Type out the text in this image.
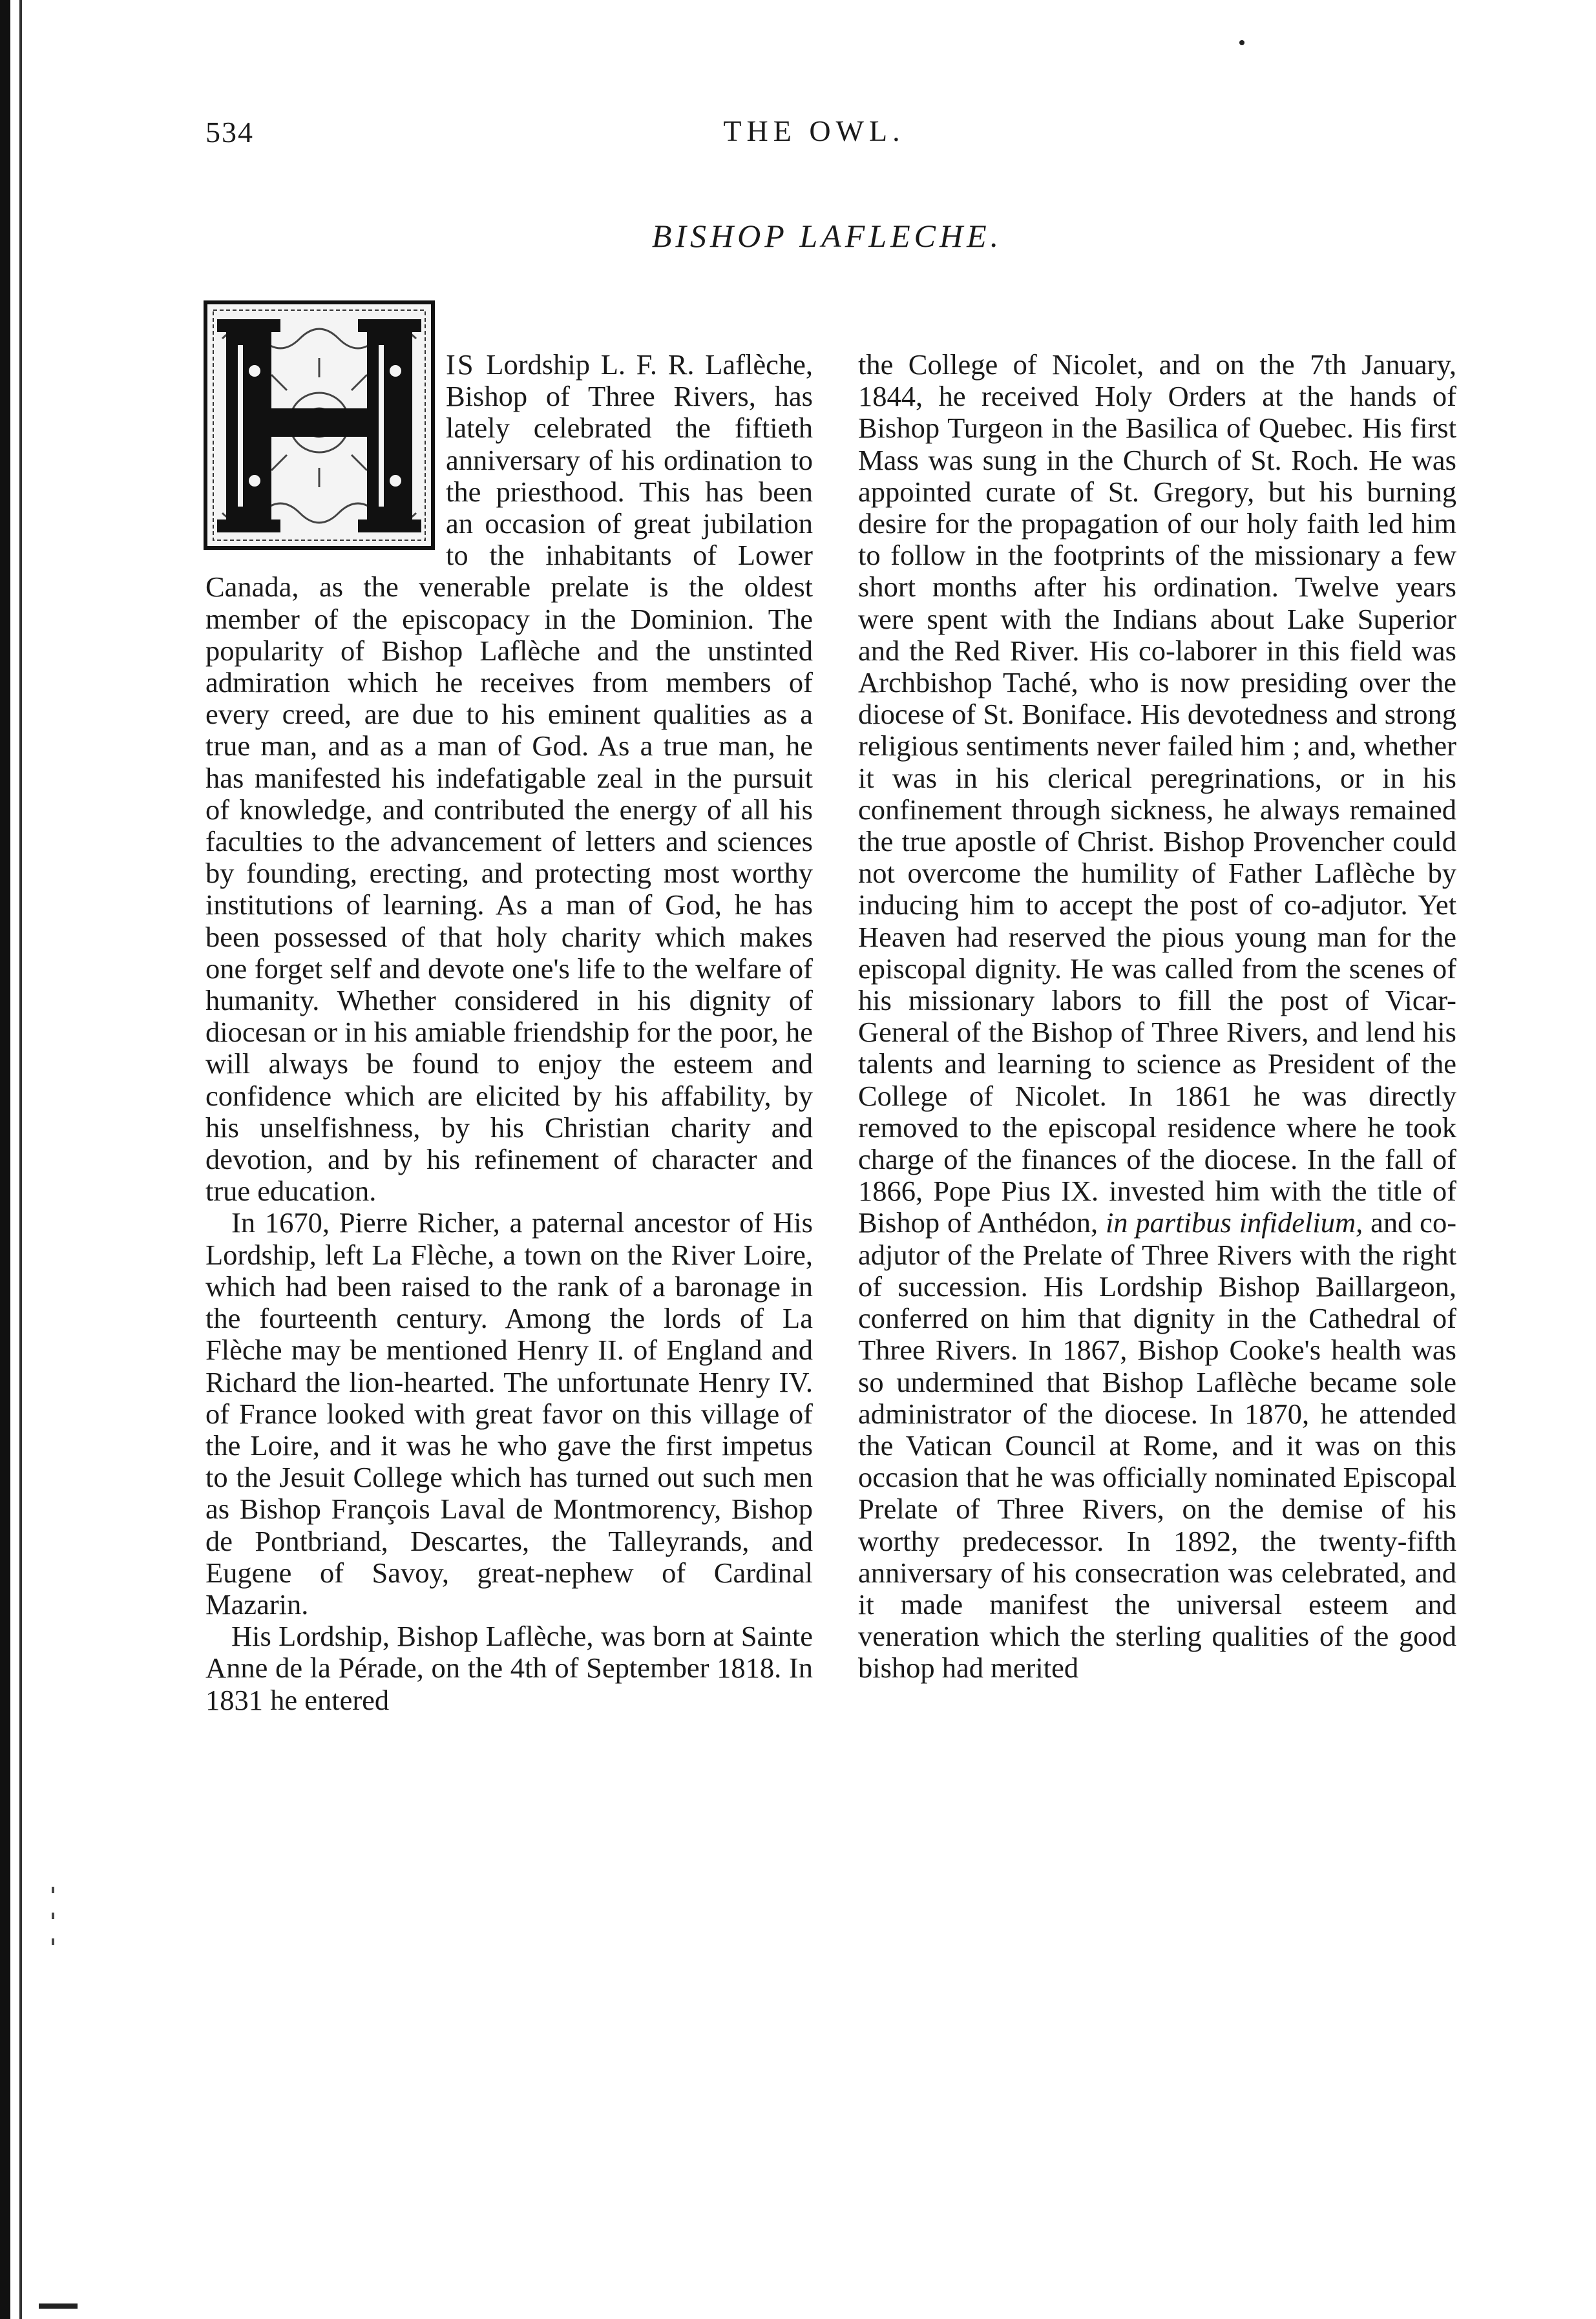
534	THE OWL.
BISHOP LAFLECHE.

IS Lordship L. F. R. Laflèche, Bishop of Three Rivers, has lately celebrated the fiftieth anniversary of his ordination to the priesthood. This has been an occasion of great jubilation to the inhabitants of Lower Canada, as the venerable prelate is the oldest member of the episcopacy in the Dominion. The popularity of Bishop Laflèche and the unstinted admiration which he receives from members of every creed, are due to his eminent qualities as a true man, and as a man of God. As a true man, he has manifested his indefatigable zeal in the pursuit of knowledge, and contributed the energy of all his faculties to the advancement of letters and sciences by founding, erecting, and protecting most worthy institutions of learning. As a man of God, he has been possessed of that holy charity which makes one forget self and devote one's life to the welfare of humanity. Whether considered in his dignity of diocesan or in his amiable friendship for the poor, he will always be found to enjoy the esteem and confidence which are elicited by his affability, by his unselfishness, by his Christian charity and devotion, and by his refinement of character and true education.

In 1670, Pierre Richer, a paternal ancestor of His Lordship, left La Flèche, a town on the River Loire, which had been raised to the rank of a baronage in the fourteenth century. Among the lords of La Flèche may be mentioned Henry II. of England and Richard the lion-hearted. The unfortunate Henry IV. of France looked with great favor on this village of the Loire, and it was he who gave the first impetus to the Jesuit College which has turned out such men as Bishop François Laval de Montmorency, Bishop de Pontbriand, Descartes, the Talleyrands, and Eugene of Savoy, great-nephew of Cardinal Mazarin.

His Lordship, Bishop Laflèche, was born at Sainte Anne de la Pérade, on the 4th of September 1818. In 1831 he entered

the College of Nicolet, and on the 7th January, 1844, he received Holy Orders at the hands of Bishop Turgeon in the Basilica of Quebec. His first Mass was sung in the Church of St. Roch. He was appointed curate of St. Gregory, but his burning desire for the propagation of our holy faith led him to follow in the footprints of the missionary a few short months after his ordination. Twelve years were spent with the Indians about Lake Superior and the Red River. His co-laborer in this field was Archbishop Taché, who is now presiding over the diocese of St. Boniface. His devotedness and strong religious sentiments never failed him ; and, whether it was in his clerical peregrinations, or in his confinement through sickness, he always remained the true apostle of Christ. Bishop Provencher could not overcome the humility of Father Laflèche by inducing him to accept the post of co-adjutor. Yet Heaven had reserved the pious young man for the episcopal dignity. He was called from the scenes of his missionary labors to fill the post of Vicar-General of the Bishop of Three Rivers, and lend his talents and learning to science as President of the College of Nicolet. In 1861 he was directly removed to the episcopal residence where he took charge of the finances of the diocese. In the fall of 1866, Pope Pius IX. invested him with the title of Bishop of Anthédon, in partibus infidelium, and co-adjutor of the Prelate of Three Rivers with the right of succession. His Lordship Bishop Baillargeon, conferred on him that dignity in the Cathedral of Three Rivers. In 1867, Bishop Cooke's health was so undermined that Bishop Laflèche became sole administrator of the diocese. In 1870, he attended the Vatican Council at Rome, and it was on this occasion that he was officially nominated Episcopal Prelate of Three Rivers, on the demise of his worthy predecessor. In 1892, the twenty-fifth anniversary of his consecration was celebrated, and it made manifest the universal esteem and veneration which the sterling qualities of the good bishop had merited
